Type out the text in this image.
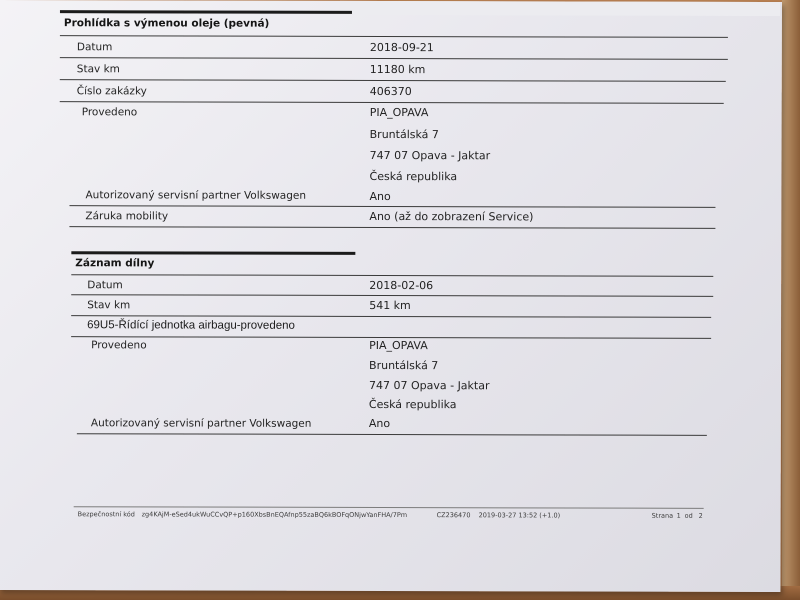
Prohlídka s výmenou oleje (pevná)
Datum	2018-09-21
Stav km	11180 km
Číslo zakázky	406370
Provedeno	PIA_OPAVA
Bruntálská 7
747 07 Opava - Jaktar
Česká republika
Autorizovaný servisní partner Volkswagen	Ano
Záruka mobility	Ano (až do zobrazení Service)
Záznam dílny
Datum	2018-02-06
Stav km	541 km
69U5-Řídící jednotka airbagu-provedeno
Provedeno	PIA_OPAVA
Bruntálská 7
747 07 Opava - Jaktar
Česká republika
Autorizovaný servisní partner Volkswagen	Ano
Bezpečnostní kód zg4KAjM-eSed4ukWuCCvQP+p160XbsBnEQAfnp55zaBQ6kBOFqONjwYanFHA/7Pm	CZ236470 2019-03-27 13:52 (+1.0)	Strana 1 od 2
